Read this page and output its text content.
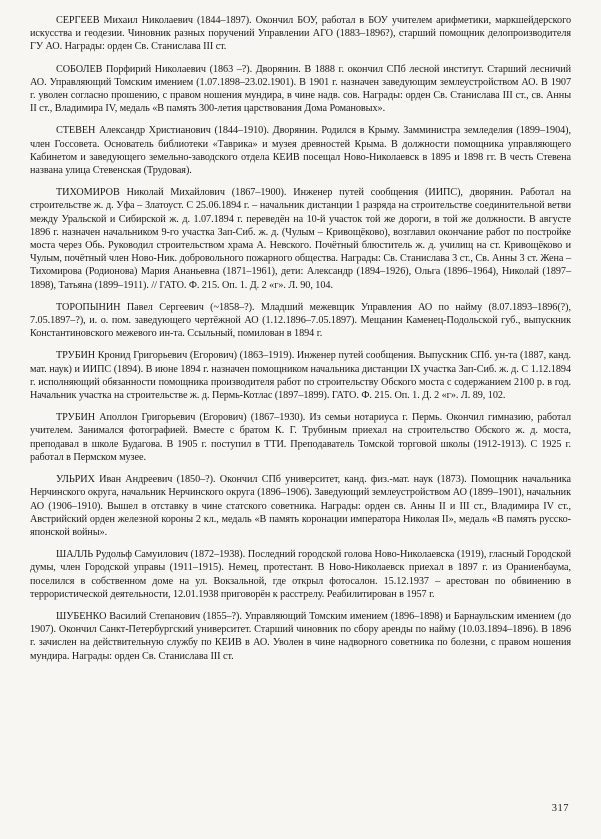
СЕРГЕЕВ Михаил Николаевич (1844–1897). Окончил БОУ, работал в БОУ учителем арифметики, маркшейдерского искусства и геодезии. Чиновник разных поручений Управлении АГО (1883–1896?), старший помощник делопроизводителя ГУ АО. Награды: орден Св. Станислава III ст.

СОБОЛЕВ Порфирий Николаевич (1863 –?). Дворянин. В 1888 г. окончил СПб лесной институт. Старший лесничий АО. Управляющий Томским имением (1.07.1898–23.02.1901). В 1901 г. назначен заведующим землеустройством АО. В 1907 г. уволен согласно прошению, с правом ношения мундира, в чине надв. сов. Награды: орден Св. Станислава III ст., св. Анны II ст., Владимира IV, медаль «В память 300-летия царствования Дома Романовых».

СТЕВЕН Александр Христианович (1844–1910). Дворянин. Родился в Крыму. Замминистра земледелия (1899–1904), член Госсовета. Основатель библиотеки «Таврика» и музея древностей Крыма. В должности помощника управляющего Кабинетом и заведующего земельно-заводского отдела КЕИВ посещал Ново-Николаевск в 1895 и 1898 гг. В честь Стевена названа улица Стевенская (Трудовая).

ТИХОМИРОВ Николай Михайлович (1867–1900). Инженер путей сообщения (ИИПС), дворянин. Работал на строительстве ж. д. Уфа – Златоуст. С 25.06.1894 г. – начальник дистанции 1 разряда на строительстве соединительной ветви между Уральской и Сибирской ж. д. 1.07.1894 г. переведён на 10-й участок той же дороги, в той же должности. В августе 1896 г. назначен начальником 9-го участка Зап-Сиб. ж. д. (Чулым – Кривощёково), возглавил окончание работ по постройке моста через Обь. Руководил строительством храма А. Невского. Почётный блюститель ж. д. училищ на ст. Кривощёково и Чулым, почётный член Ново-Ник. добровольного пожарного общества. Награды: Св. Станислава 3 ст., Св. Анны 3 ст. Жена – Тихомирова (Родионова) Мария Ананьевна (1871–1961), дети: Александр (1894–1926), Ольга (1896–1964), Николай (1897–1898), Татьяна (1899–1911). // ГАТО. Ф. 215. Оп. 1. Д. 2 «г». Л. 90, 104.

ТОРОПЫНИН Павел Сергеевич (~1858–?). Младший межевщик Управления АО по найму (8.07.1893–1896(?), 7.05.1897–?), и. о. пом. заведующего чертёжной АО (1.12.1896–7.05.1897). Мещанин Каменец-Подольской губ., выпускник Константиновского межевого ин-та. Ссыльный, помилован в 1894 г.

ТРУБИН Кронид Григорьевич (Егорович) (1863–1919). Инженер путей сообщения. Выпускник СПб. ун-та (1887, канд. мат. наук) и ИИПС (1894). В июне 1894 г. назначен помощником начальника дистанции IX участка Зап-Сиб. ж. д. С 1.12.1894 г. исполняющий обязанности помощника производителя работ по строительству Обского моста с содержанием 2100 р. в год. Начальник участка на строительстве ж. д. Пермь-Котлас (1897–1899). ГАТО. Ф. 215. Оп. 1. Д. 2 «г». Л. 89, 102.

ТРУБИН Аполлон Григорьевич (Егорович) (1867–1930). Из семьи нотариуса г. Пермь. Окончил гимназию, работал учителем. Занимался фотографией. Вместе с братом К. Г. Трубиным приехал на строительство Обского ж. д. моста, преподавал в школе Будагова. В 1905 г. поступил в ТТИ. Преподаватель Томской торговой школы (1912-1913). С 1925 г. работал в Пермском музее.

УЛЬРИХ Иван Андреевич (1850–?). Окончил СПб университет, канд. физ.-мат. наук (1873). Помощник начальника Нерчинского округа, начальник Нерчинского округа (1896–1906). Заведующий землеустройством АО (1899–1901), начальник АО (1906–1910). Вышел в отставку в чине статского советника. Награды: орден св. Анны II и III ст., Владимира IV ст., Австрийский орден железной короны 2 кл., медаль «В память коронации императора Николая II», медаль «В память русско-японской войны».

ШАЛЛЬ Рудольф Самуилович (1872–1938). Последний городской голова Ново-Николаевска (1919), гласный Городской думы, член Городской управы (1911–1915). Немец, протестант. В Ново-Николаевск приехал в 1897 г. из Ораниенбаума, поселился в собственном доме на ул. Вокзальной, где открыл фотосалон. 15.12.1937 – арестован по обвинению в террористической деятельности, 12.01.1938 приговорён к расстрелу. Реабилитирован в 1957 г.

ШУБЕНКО Василий Степанович (1855–?). Управляющий Томским имением (1896–1898) и Барнаульским имением (до 1907). Окончил Санкт-Петербургский университет. Старший чиновник по сбору аренды по найму (10.03.1894–1896). В 1896 г. зачислен на действительную службу по КЕИВ в АО. Уволен в чине надворного советника по болезни, с правом ношения мундира. Награды: орден Св. Станислава III ст.

317
